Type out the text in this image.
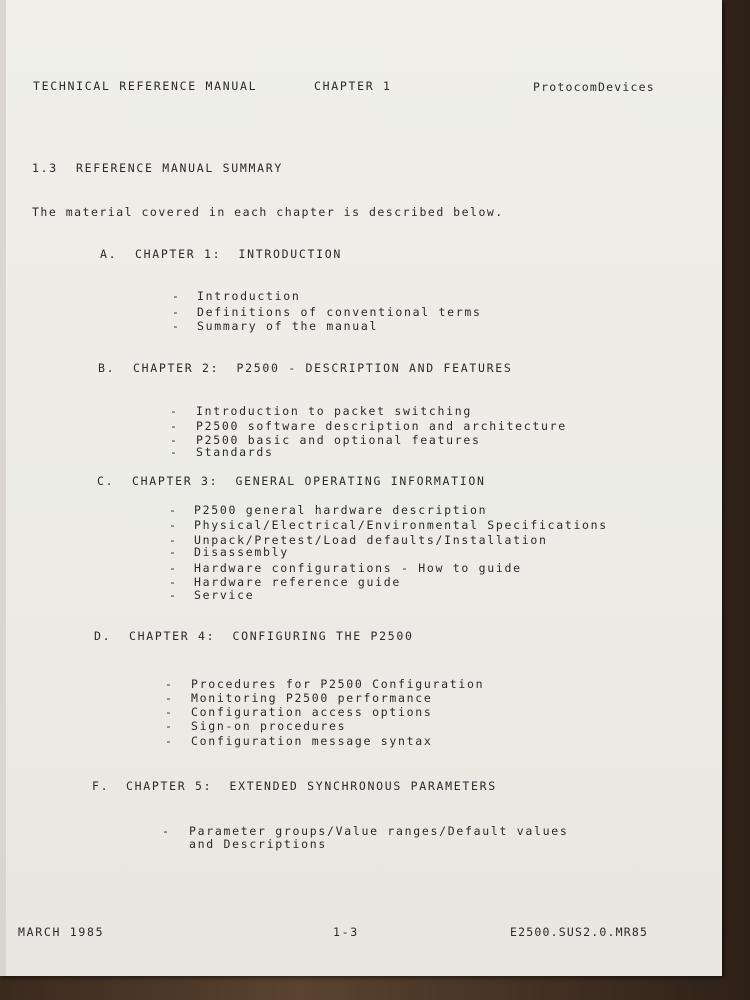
TECHNICAL REFERENCE MANUAL	CHAPTER 1	ProtocomDevices
1.3 REFERENCE MANUAL SUMMARY
The material covered in each chapter is described below.
A. CHAPTER 1:  INTRODUCTION
- Introduction
- Definitions of conventional terms
- Summary of the manual
B. CHAPTER 2:  P2500 - DESCRIPTION AND FEATURES
- Introduction to packet switching
- P2500 software description and architecture
- P2500 basic and optional features
- Standards
C. CHAPTER 3:  GENERAL OPERATING INFORMATION
- P2500 general hardware description
- Physical/Electrical/Environmental Specifications
- Unpack/Pretest/Load defaults/Installation
- Disassembly
- Hardware configurations - How to guide
- Hardware reference guide
- Service
D. CHAPTER 4:  CONFIGURING THE P2500
- Procedures for P2500 Configuration
- Monitoring P2500 performance
- Configuration access options
- Sign-on procedures
- Configuration message syntax
F. CHAPTER 5:  EXTENDED SYNCHRONOUS PARAMETERS
- Parameter groups/Value ranges/Default values
and Descriptions
MARCH 1985	1-3	E2500.SUS2.0.MR85
